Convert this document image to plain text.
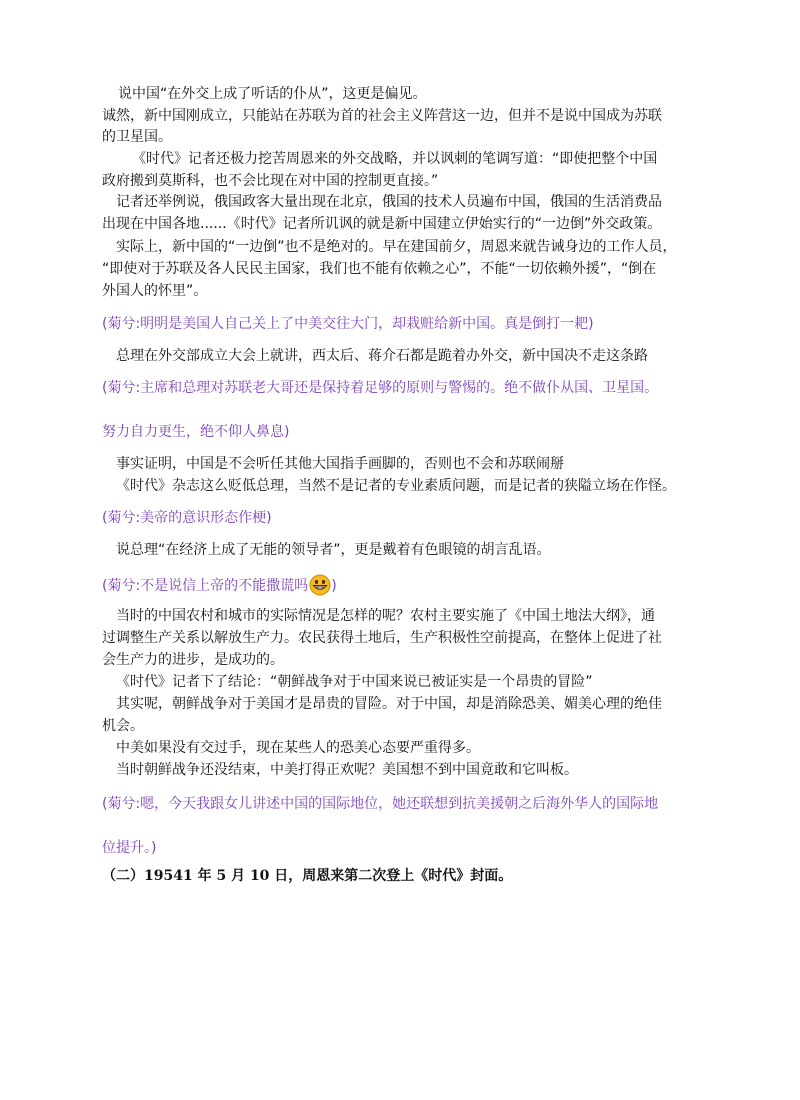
说中国“在外交上成了听话的仆从”，这更是偏见。
诚然，新中国刚成立，只能站在苏联为首的社会主义阵营这一边，但并不是说中国成为苏联
的卫星国。
《时代》记者还极力挖苦周恩来的外交战略，并以讽刺的笔调写道：“即使把整个中国
政府搬到莫斯科，也不会比现在对中国的控制更直接。”
记者还举例说，俄国政客大量出现在北京，俄国的技术人员遍布中国，俄国的生活消费品
出现在中国各地......《时代》记者所讥讽的就是新中国建立伊始实行的“一边倒”外交政策。
实际上，新中国的“一边倒”也不是绝对的。早在建国前夕，周恩来就告诫身边的工作人员，
“即使对于苏联及各人民民主国家，我们也不能有依赖之心”，不能“一切依赖外援”，“倒在
外国人的怀里”。
(菊兮:明明是美国人自己关上了中美交往大门，却栽赃给新中国。真是倒打一耙)
总理在外交部成立大会上就讲，西太后、蒋介石都是跪着办外交，新中国决不走这条路
(菊兮:主席和总理对苏联老大哥还是保持着足够的原则与警惕的。绝不做仆从国、卫星国。
努力自力更生，绝不仰人鼻息)
事实证明，中国是不会听任其他大国指手画脚的，否则也不会和苏联闹掰
《时代》杂志这么贬低总理，当然不是记者的专业素质问题，而是记者的狭隘立场在作怪。
(菊兮:美帝的意识形态作梗)
说总理“在经济上成了无能的领导者”，更是戴着有色眼镜的胡言乱语。
(菊兮:不是说信上帝的不能撒谎吗 )
当时的中国农村和城市的实际情况是怎样的呢？农村主要实施了《中国土地法大纲》，通
过调整生产关系以解放生产力。农民获得土地后，生产积极性空前提高，在整体上促进了社
会生产力的进步，是成功的。
《时代》记者下了结论：“朝鲜战争对于中国来说已被证实是一个昂贵的冒险”
其实呢，朝鲜战争对于美国才是昂贵的冒险。对于中国，却是消除恐美、媚美心理的绝佳
机会。
中美如果没有交过手，现在某些人的恐美心态要严重得多。
当时朝鲜战争还没结束，中美打得正欢呢？美国想不到中国竟敢和它叫板。
(菊兮:嗯，今天我跟女儿讲述中国的国际地位，她还联想到抗美援朝之后海外华人的国际地
位提升。)
（二）19541 年 5 月 10 日，周恩来第二次登上《时代》封面。
